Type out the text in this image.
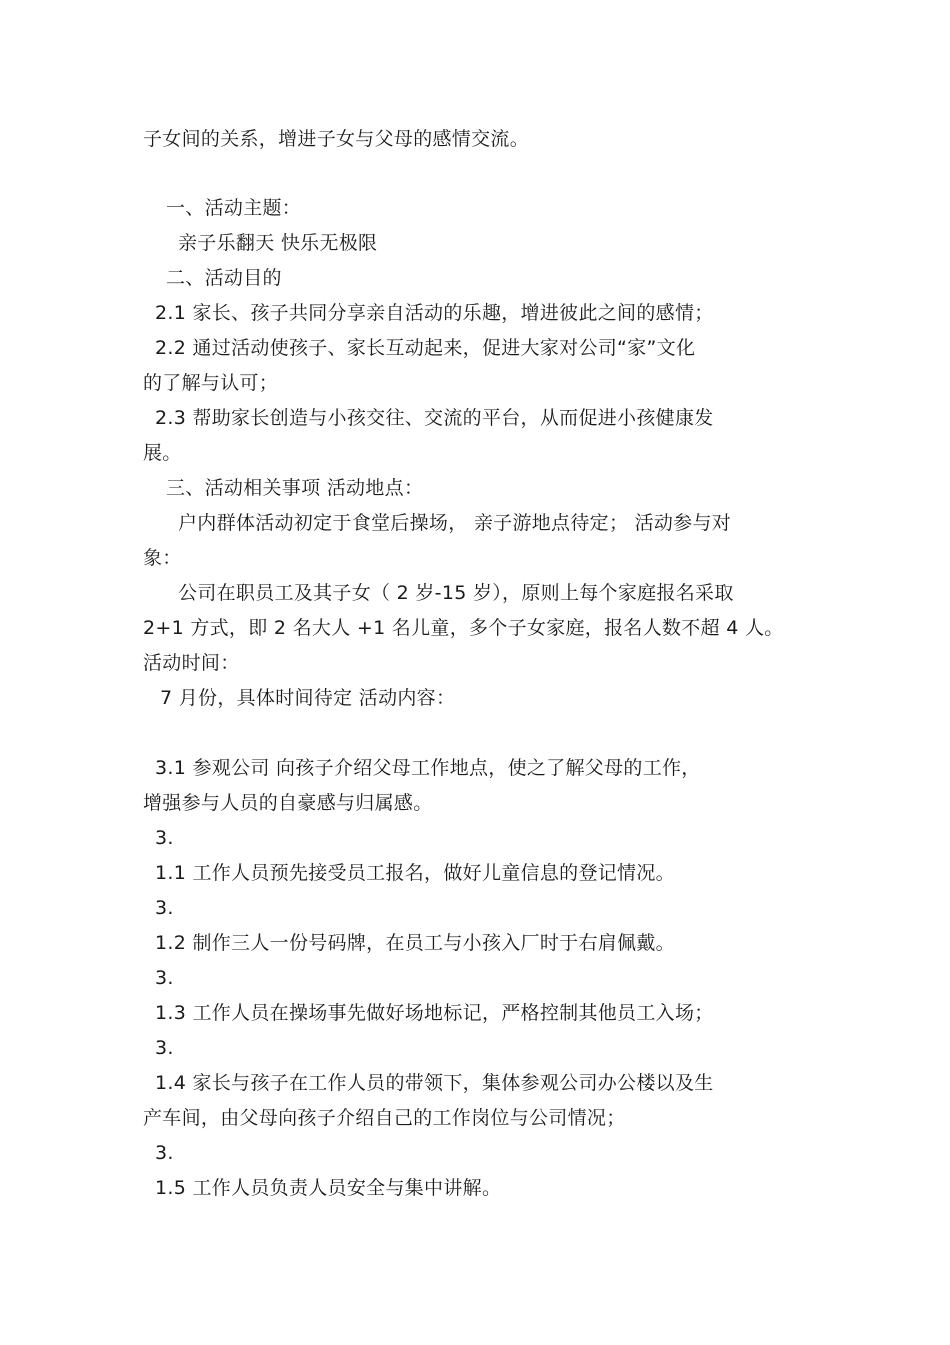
子女间的关系，增进子女与父母的感情交流。
一、活动主题：
亲子乐翻天 快乐无极限
二、活动目的
2.1 家长、孩子共同分享亲自活动的乐趣，增进彼此之间的感情；
2.2 通过活动使孩子、家长互动起来，促进大家对公司“家”文化
的了解与认可；
2.3 帮助家长创造与小孩交往、交流的平台，从而促进小孩健康发
展。
三、活动相关事项 活动地点：
户内群体活动初定于食堂后操场， 亲子游地点待定； 活动参与对
象：
公司在职员工及其子女（ 2 岁-15 岁），原则上每个家庭报名采取
2+1 方式，即 2 名大人 +1 名儿童，多个子女家庭，报名人数不超 4 人。
活动时间：
7 月份，具体时间待定 活动内容：
3.1 参观公司 向孩子介绍父母工作地点，使之了解父母的工作，
增强参与人员的自豪感与归属感。
3.
1.1 工作人员预先接受员工报名，做好儿童信息的登记情况。
3.
1.2 制作三人一份号码牌，在员工与小孩入厂时于右肩佩戴。
3.
1.3 工作人员在操场事先做好场地标记，严格控制其他员工入场；
3.
1.4 家长与孩子在工作人员的带领下，集体参观公司办公楼以及生
产车间，由父母向孩子介绍自己的工作岗位与公司情况；
3.
1.5 工作人员负责人员安全与集中讲解。
